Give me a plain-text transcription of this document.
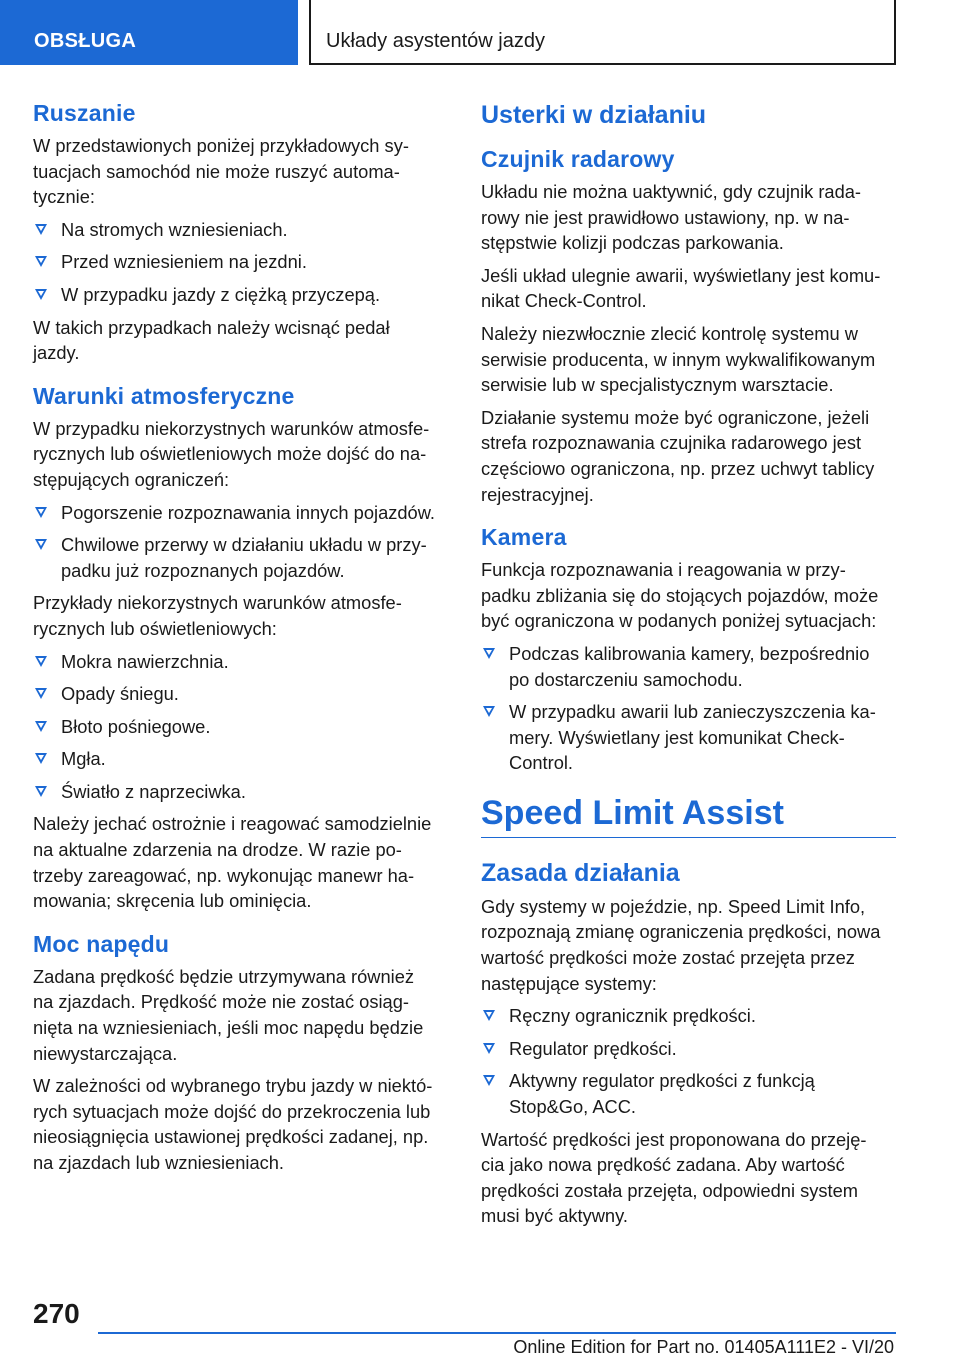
OBSŁUGA	Układy asystentów jazdy
Ruszanie

W przedstawionych poniżej przykładowych sy-
tuacjach samochód nie może ruszyć automa-
tycznie:

Na stromych wzniesieniach.
Przed wzniesieniem na jezdni.
W przypadku jazdy z ciężką przyczepą.

W takich przypadkach należy wcisnąć pedał
jazdy.

Warunki atmosferyczne

W przypadku niekorzystnych warunków atmosfe-
rycznych lub oświetleniowych może dojść do na-
stępujących ograniczeń:

Pogorszenie rozpoznawania innych pojazdów.
Chwilowe przerwy w działaniu układu w przy-
padku już rozpoznanych pojazdów.

Przykłady niekorzystnych warunków atmosfe-
rycznych lub oświetleniowych:

Mokra nawierzchnia.
Opady śniegu.
Błoto pośniegowe.
Mgła.
Światło z naprzeciwka.

Należy jechać ostrożnie i reagować samodzielnie
na aktualne zdarzenia na drodze. W razie po-
trzeby zareagować, np. wykonując manewr ha-
mowania; skręcenia lub ominięcia.

Moc napędu

Zadana prędkość będzie utrzymywana również
na zjazdach. Prędkość może nie zostać osiąg-
nięta na wzniesieniach, jeśli moc napędu będzie
niewystarczająca.

W zależności od wybranego trybu jazdy w niektó-
rych sytuacjach może dojść do przekroczenia lub
nieosiągnięcia ustawionej prędkości zadanej, np.
na zjazdach lub wzniesieniach.

Usterki w działaniu
Czujnik radarowy

Układu nie można uaktywnić, gdy czujnik rada-
rowy nie jest prawidłowo ustawiony, np. w na-
stępstwie kolizji podczas parkowania.

Jeśli układ ulegnie awarii, wyświetlany jest komu-
nikat Check-Control.

Należy niezwłocznie zlecić kontrolę systemu w
serwisie producenta, w innym wykwalifikowanym
serwisie lub w specjalistycznym warsztacie.

Działanie systemu może być ograniczone, jeżeli
strefa rozpoznawania czujnika radarowego jest
częściowo ograniczona, np. przez uchwyt tablicy
rejestracyjnej.

Kamera

Funkcja rozpoznawania i reagowania w przy-
padku zbliżania się do stojących pojazdów, może
być ograniczona w podanych poniżej sytuacjach:

Podczas kalibrowania kamery, bezpośrednio
po dostarczeniu samochodu.
W przypadku awarii lub zanieczyszczenia ka-
mery. Wyświetlany jest komunikat Check-
Control.
Speed Limit Assist
Zasada działania

Gdy systemy w pojeździe, np. Speed Limit Info,
rozpoznają zmianę ograniczenia prędkości, nowa
wartość prędkości może zostać przejęta przez
następujące systemy:

Ręczny ogranicznik prędkości.
Regulator prędkości.
Aktywny regulator prędkości z funkcją
Stop&Go, ACC.

Wartość prędkości jest proponowana do przeję-
cia jako nowa prędkość zadana. Aby wartość
prędkości została przejęta, odpowiedni system
musi być aktywny.

270
Online Edition for Part no. 01405A111E2 - VI/20
